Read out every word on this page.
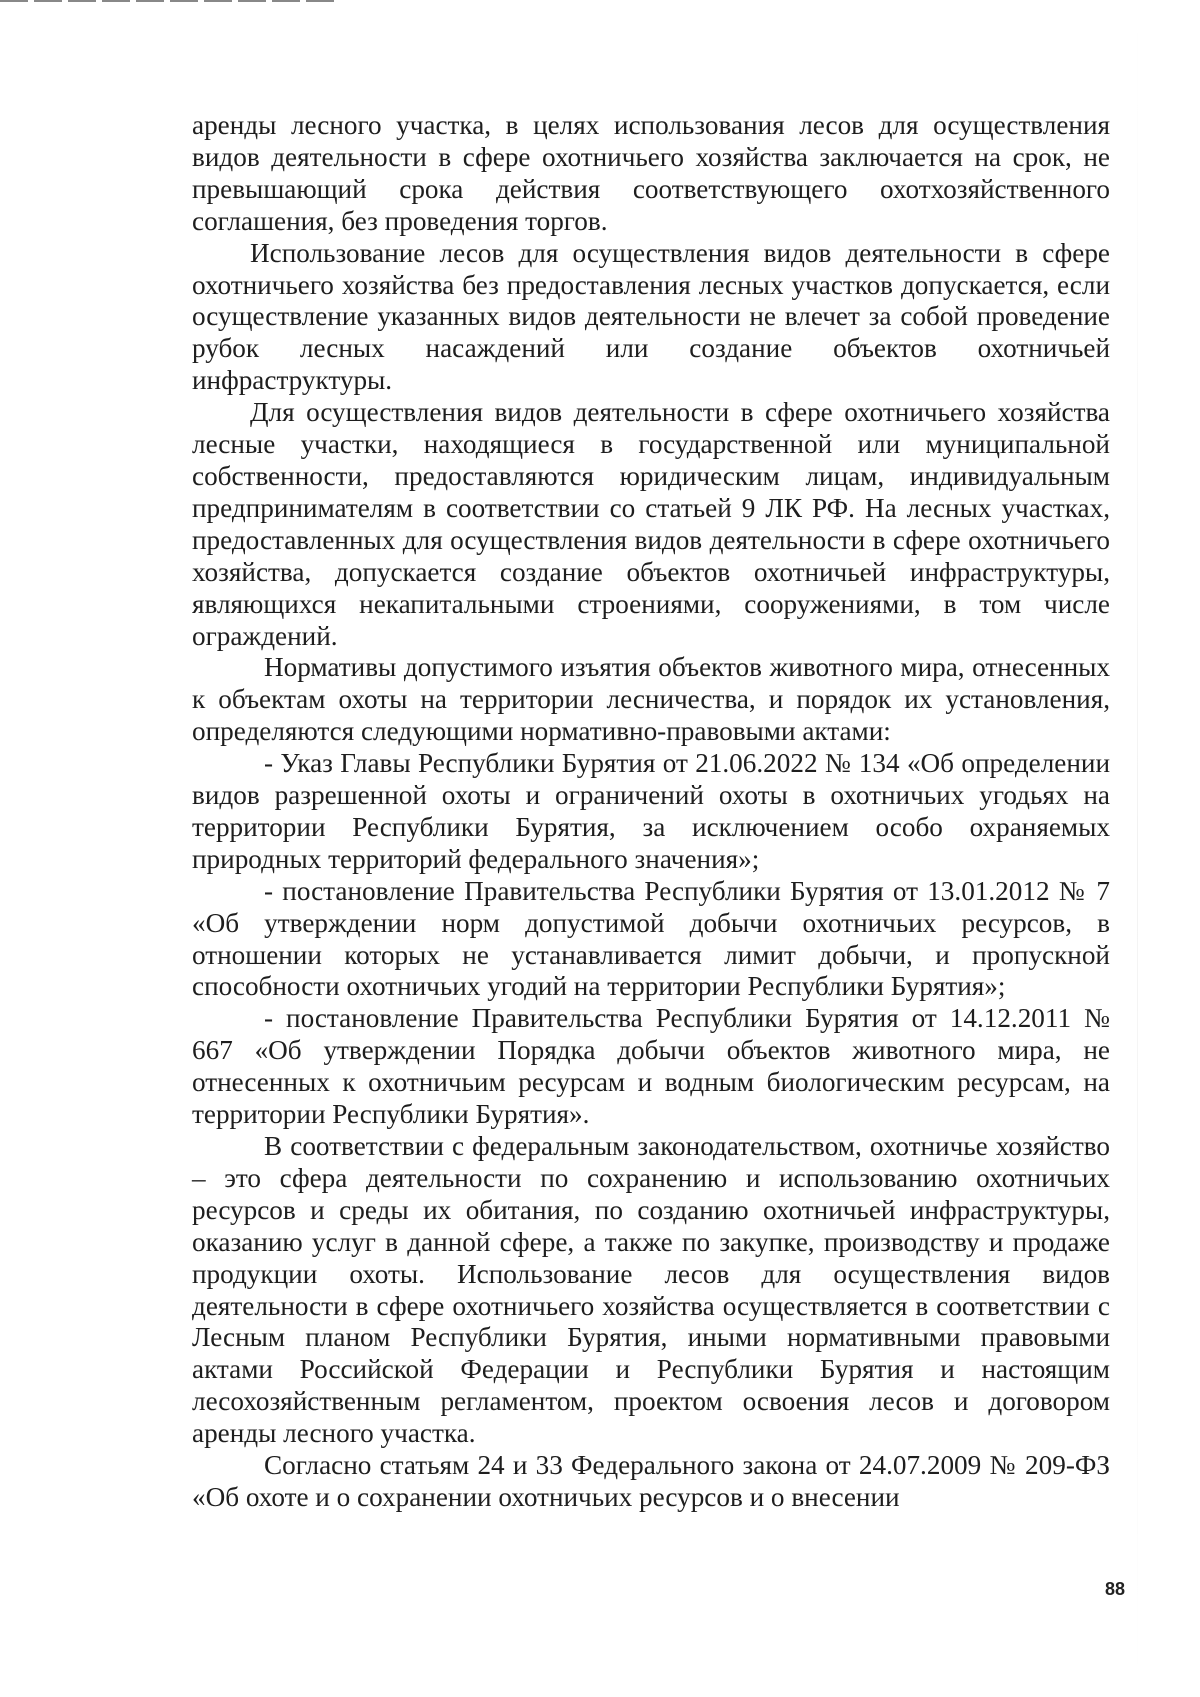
аренды лесного участка, в целях использования лесов для осуществления видов деятельности в сфере охотничьего хозяйства заключается на срок, не превышающий срока действия соответствующего охотхозяйственного соглашения, без проведения торгов.

Использование лесов для осуществления видов деятельности в сфере охотничьего хозяйства без предоставления лесных участков допускается, если осуществление указанных видов деятельности не влечет за собой проведение рубок лесных насаждений или создание объектов охотничьей инфраструктуры.

Для осуществления видов деятельности в сфере охотничьего хозяйства лесные участки, находящиеся в государственной или муниципальной собственности, предоставляются юридическим лицам, индивидуальным предпринимателям в соответствии со статьей 9 ЛК РФ. На лесных участках, предоставленных для осуществления видов деятельности в сфере охотничьего хозяйства, допускается создание объектов охотничьей инфраструктуры, являющихся некапитальными строениями, сооружениями, в том числе ограждений.

Нормативы допустимого изъятия объектов животного мира, отнесенных к объектам охоты на территории лесничества, и порядок их установления, определяются следующими нормативно-правовыми актами:

- Указ Главы Республики Бурятия от 21.06.2022 № 134 «Об определении видов разрешенной охоты и ограничений охоты в охотничьих угодьях на территории Республики Бурятия, за исключением особо охраняемых природных территорий федерального значения»;

- постановление Правительства Республики Бурятия от 13.01.2012 № 7 «Об утверждении норм допустимой добычи охотничьих ресурсов, в отношении которых не устанавливается лимит добычи, и пропускной способности охотничьих угодий на территории Республики Бурятия»;

- постановление Правительства Республики Бурятия от 14.12.2011 № 667 «Об утверждении Порядка добычи объектов животного мира, не отнесенных к охотничьим ресурсам и водным биологическим ресурсам, на территории Республики Бурятия».

В соответствии с федеральным законодательством, охотничье хозяйство – это сфера деятельности по сохранению и использованию охотничьих ресурсов и среды их обитания, по созданию охотничьей инфраструктуры, оказанию услуг в данной сфере, а также по закупке, производству и продаже продукции охоты. Использование лесов для осуществления видов деятельности в сфере охотничьего хозяйства осуществляется в соответствии с Лесным планом Республики Бурятия, иными нормативными правовыми актами Российской Федерации и Республики Бурятия и настоящим лесохозяйственным регламентом, проектом освоения лесов и договором аренды лесного участка.

Согласно статьям 24 и 33 Федерального закона от 24.07.2009 № 209-ФЗ «Об охоте и о сохранении охотничьих ресурсов и о внесении

88
